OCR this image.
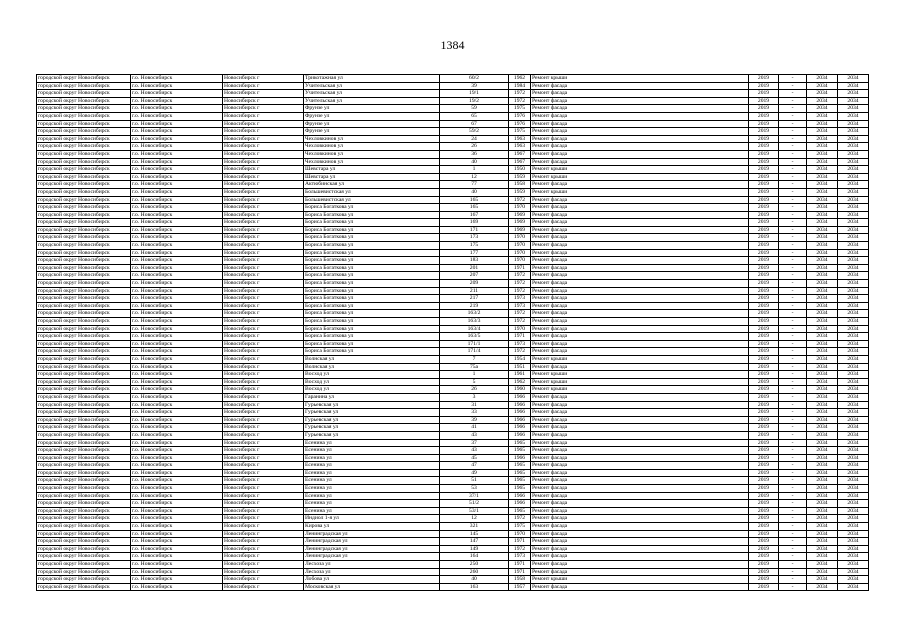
1384
городской округ Новосибирск	г.о. Новосибирск	Новосибирск г	Трикотажная ул	60/2	1962	Ремонт крыши	2019	-	2034	2034
городской округ Новосибирск	г.о. Новосибирск	Новосибирск г	Учительская ул	39	1984	Ремонт фасада	2019	-	2034	2034
городской округ Новосибирск	г.о. Новосибирск	Новосибирск г	Учительская ул	19/1	1972	Ремонт фасада	2019	-	2034	2034
городской округ Новосибирск	г.о. Новосибирск	Новосибирск г	Учительская ул	19/2	1972	Ремонт фасада	2019	-	2034	2034
городской округ Новосибирск	г.о. Новосибирск	Новосибирск г	Фрунзе ул	59	1975	Ремонт фасада	2019	-	2034	2034
городской округ Новосибирск	г.о. Новосибирск	Новосибирск г	Фрунзе ул	65	1976	Ремонт фасада	2019	-	2034	2034
городской округ Новосибирск	г.о. Новосибирск	Новосибирск г	Фрунзе ул	67	1976	Ремонт фасада	2019	-	2034	2034
городской округ Новосибирск	г.о. Новосибирск	Новосибирск г	Фрунзе ул	59/2	1975	Ремонт фасада	2019	-	2034	2034
городской округ Новосибирск	г.о. Новосибирск	Новосибирск г	Чехловкинов ул	24	1963	Ремонт фасада	2019	-	2034	2034
городской округ Новосибирск	г.о. Новосибирск	Новосибирск г	Чехловкинов ул	26	1963	Ремонт фасада	2019	-	2034	2034
городской округ Новосибирск	г.о. Новосибирск	Новосибирск г	Чехловкинов ул	36	1967	Ремонт фасада	2019	-	2034	2034
городской округ Новосибирск	г.о. Новосибирск	Новосибирск г	Чехловкинов ул	40	1967	Ремонт фасада	2019	-	2034	2034
городской округ Новосибирск	г.о. Новосибирск	Новосибирск г	Шевстара ул	1	1950	Ремонт крыши	2019	-	2034	2034
городской округ Новосибирск	г.о. Новосибирск	Новосибирск г	Шевстара ул	12	1959	Ремонт крыши	2019	-	2034	2034
городской округ Новосибирск	г.о. Новосибирск	Новосибирск г	Актюбинская ул	77	1958	Ремонт фасада	2019	-	2034	2034
городской округ Новосибирск	г.о. Новосибирск	Новосибирск г	Большевистская ул	40	1959	Ремонт крыши	2019	-	2034	2034
городской округ Новосибирск	г.о. Новосибирск	Новосибирск г	Большевистская ул	165	1972	Ремонт фасада	2019	-	2034	2034
городской округ Новосибирск	г.о. Новосибирск	Новосибирск г	Бориса Богаткова ул	165	1970	Ремонт фасада	2019	-	2034	2034
городской округ Новосибирск	г.о. Новосибирск	Новосибирск г	Бориса Богаткова ул	167	1969	Ремонт фасада	2019	-	2034	2034
городской округ Новосибирск	г.о. Новосибирск	Новосибирск г	Бориса Богаткова ул	169	1969	Ремонт фасада	2019	-	2034	2034
городской округ Новосибирск	г.о. Новосибирск	Новосибирск г	Бориса Богаткова ул	171	1969	Ремонт фасада	2019	-	2034	2034
городской округ Новосибирск	г.о. Новосибирск	Новосибирск г	Бориса Богаткова ул	173	1970	Ремонт фасада	2019	-	2034	2034
городской округ Новосибирск	г.о. Новосибирск	Новосибирск г	Бориса Богаткова ул	175	1970	Ремонт фасада	2019	-	2034	2034
городской округ Новосибирск	г.о. Новосибирск	Новосибирск г	Бориса Богаткова ул	177	1970	Ремонт фасада	2019	-	2034	2034
городской округ Новосибирск	г.о. Новосибирск	Новосибирск г	Бориса Богаткова ул	183	1970	Ремонт фасада	2019	-	2034	2034
городской округ Новосибирск	г.о. Новосибирск	Новосибирск г	Бориса Богаткова ул	201	1971	Ремонт фасада	2019	-	2034	2034
городской округ Новосибирск	г.о. Новосибирск	Новосибирск г	Бориса Богаткова ул	207	1972	Ремонт фасада	2019	-	2034	2034
городской округ Новосибирск	г.о. Новосибирск	Новосибирск г	Бориса Богаткова ул	209	1972	Ремонт фасада	2019	-	2034	2034
городской округ Новосибирск	г.о. Новосибирск	Новосибирск г	Бориса Богаткова ул	211	1972	Ремонт фасада	2019	-	2034	2034
городской округ Новосибирск	г.о. Новосибирск	Новосибирск г	Бориса Богаткова ул	217	1973	Ремонт фасада	2019	-	2034	2034
городской округ Новосибирск	г.о. Новосибирск	Новосибирск г	Бориса Богаткова ул	219	1973	Ремонт фасада	2019	-	2034	2034
городской округ Новосибирск	г.о. Новосибирск	Новосибирск г	Бориса Богаткова ул	163/2	1972	Ремонт фасада	2019	-	2034	2034
городской округ Новосибирск	г.о. Новосибирск	Новосибирск г	Бориса Богаткова ул	163/3	1972	Ремонт фасада	2019	-	2034	2034
городской округ Новосибирск	г.о. Новосибирск	Новосибирск г	Бориса Богаткова ул	163/4	1970	Ремонт фасада	2019	-	2034	2034
городской округ Новосибирск	г.о. Новосибирск	Новосибирск г	Бориса Богаткова ул	163/5	1971	Ремонт фасада	2019	-	2034	2034
городской округ Новосибирск	г.о. Новосибирск	Новосибирск г	Бориса Богаткова ул	171/1	1973	Ремонт фасада	2019	-	2034	2034
городской округ Новосибирск	г.о. Новосибирск	Новосибирск г	Бориса Богаткова ул	171/4	1972	Ремонт фасада	2019	-	2034	2034
городской округ Новосибирск	г.о. Новосибирск	Новосибирск г	Волнская ул	7	1954	Ремонт крыши	2019	-	2034	2034
городской округ Новосибирск	г.о. Новосибирск	Новосибирск г	Волнская ул	75а	1951	Ремонт фасада	2019	-	2034	2034
городской округ Новосибирск	г.о. Новосибирск	Новосибирск г	Восход ул	1	1961	Ремонт крыши	2019	-	2034	2034
городской округ Новосибирск	г.о. Новосибирск	Новосибирск г	Восход ул	5	1962	Ремонт крыши	2019	-	2034	2034
городской округ Новосибирск	г.о. Новосибирск	Новосибирск г	Восход ул	26	1960	Ремонт крыши	2019	-	2034	2034
городской округ Новосибирск	г.о. Новосибирск	Новосибирск г	Гаранина ул	3	1966	Ремонт фасада	2019	-	2034	2034
городской округ Новосибирск	г.о. Новосибирск	Новосибирск г	Гурьевская ул	31	1966	Ремонт фасада	2019	-	2034	2034
городской округ Новосибирск	г.о. Новосибирск	Новосибирск г	Гурьевская ул	33	1966	Ремонт фасада	2019	-	2034	2034
городской округ Новосибирск	г.о. Новосибирск	Новосибирск г	Гурьевская ул	39	1966	Ремонт фасада	2019	-	2034	2034
городской округ Новосибирск	г.о. Новосибирск	Новосибирск г	Гурьевская ул	41	1966	Ремонт фасада	2019	-	2034	2034
городской округ Новосибирск	г.о. Новосибирск	Новосибирск г	Гурьевская ул	43	1966	Ремонт фасада	2019	-	2034	2034
городской округ Новосибирск	г.о. Новосибирск	Новосибирск г	Есенина ул	37	1965	Ремонт фасада	2019	-	2034	2034
городской округ Новосибирск	г.о. Новосибирск	Новосибирск г	Есенина ул	43	1965	Ремонт фасада	2019	-	2034	2034
городской округ Новосибирск	г.о. Новосибирск	Новосибирск г	Есенина ул	45	1966	Ремонт фасада	2019	-	2034	2034
городской округ Новосибирск	г.о. Новосибирск	Новосибирск г	Есенина ул	47	1965	Ремонт фасада	2019	-	2034	2034
городской округ Новосибирск	г.о. Новосибирск	Новосибирск г	Есенина ул	49	1965	Ремонт фасада	2019	-	2034	2034
городской округ Новосибирск	г.о. Новосибирск	Новосибирск г	Есенина ул	51	1965	Ремонт фасада	2019	-	2034	2034
городской округ Новосибирск	г.о. Новосибирск	Новосибирск г	Есенина ул	53	1965	Ремонт фасада	2019	-	2034	2034
городской округ Новосибирск	г.о. Новосибирск	Новосибирск г	Есенина ул	37/1	1966	Ремонт фасада	2019	-	2034	2034
городской округ Новосибирск	г.о. Новосибирск	Новосибирск г	Есенина ул	51/2	1966	Ремонт фасада	2019	-	2034	2034
городской округ Новосибирск	г.о. Новосибирск	Новосибирск г	Есенина ул	53/1	1965	Ремонт фасада	2019	-	2034	2034
городской округ Новосибирск	г.о. Новосибирск	Новосибирск г	Индиол 1-я ул	12	1972	Ремонт фасада	2019	-	2034	2034
городской округ Новосибирск	г.о. Новосибирск	Новосибирск г	Кирова ул	321	1975	Ремонт фасада	2019	-	2034	2034
городской округ Новосибирск	г.о. Новосибирск	Новосибирск г	Ленинградская ул	145	1970	Ремонт фасада	2019	-	2034	2034
городской округ Новосибирск	г.о. Новосибирск	Новосибирск г	Ленинградская ул	147	1971	Ремонт фасада	2019	-	2034	2034
городской округ Новосибирск	г.о. Новосибирск	Новосибирск г	Ленинградская ул	149	1972	Ремонт фасада	2019	-	2034	2034
городской округ Новосибирск	г.о. Новосибирск	Новосибирск г	Ленинградская ул	164	1973	Ремонт фасада	2019	-	2034	2034
городской округ Новосибирск	г.о. Новосибирск	Новосибирск г	Лесхоза ул	250	1971	Ремонт фасада	2019	-	2034	2034
городской округ Новосибирск	г.о. Новосибирск	Новосибирск г	Лесхоза ул	260	1971	Ремонт фасада	2019	-	2034	2034
городской округ Новосибирск	г.о. Новосибирск	Новосибирск г	Лобова ул	40	1958	Ремонт крыши	2019	-	2034	2034
городской округ Новосибирск	г.о. Новосибирск	Новосибирск г	Московская ул	163	1957	Ремонт фасада	2019	-	2034	2034
